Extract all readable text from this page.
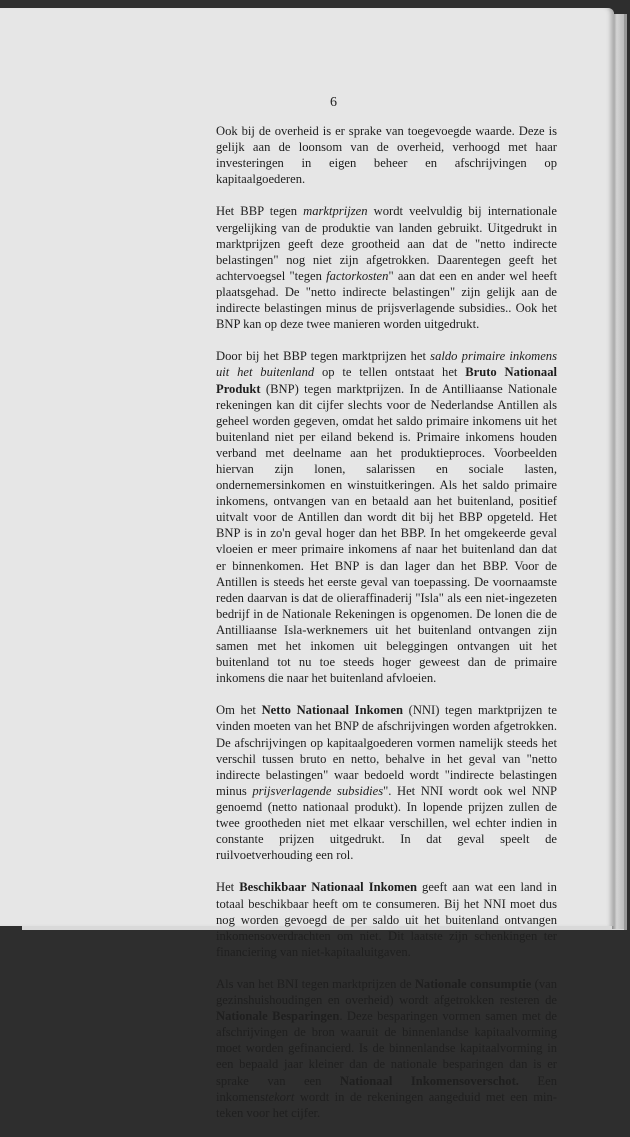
6

Ook bij de overheid is er sprake van toegevoegde waarde. Deze is gelijk aan de loonsom van de overheid, verhoogd met haar investeringen in eigen beheer en afschrijvingen op kapitaalgoederen.

Het BBP tegen marktprijzen wordt veelvuldig bij internationale vergelijking van de produktie van landen gebruikt. Uitgedrukt in marktprijzen geeft deze grootheid aan dat de "netto indirecte belastingen" nog niet zijn afgetrokken. Daarentegen geeft het achtervoegsel "tegen factorkosten" aan dat een en ander wel heeft plaatsgehad. De "netto indirecte belastingen" zijn gelijk aan de indirecte belastingen minus de prijsverlagende subsidies.. Ook het BNP kan op deze twee manieren worden uitgedrukt.

Door bij het BBP tegen marktprijzen het saldo primaire inkomens uit het buitenland op te tellen ontstaat het Bruto Nationaal Produkt (BNP) tegen marktprijzen. In de Antilliaanse Nationale rekeningen kan dit cijfer slechts voor de Nederlandse Antillen als geheel worden gegeven, omdat het saldo primaire inkomens uit het buitenland niet per eiland bekend is. Primaire inkomens houden verband met deelname aan het produktieproces. Voorbeelden hiervan zijn lonen, salarissen en sociale lasten, ondernemersinkomen en winstuitkeringen. Als het saldo primaire inkomens, ontvangen van en betaald aan het buitenland, positief uitvalt voor de Antillen dan wordt dit bij het BBP opgeteld. Het BNP is in zo'n geval hoger dan het BBP. In het omgekeerde geval vloeien er meer primaire inkomens af naar het buitenland dan dat er binnenkomen. Het BNP is dan lager dan het BBP. Voor de Antillen is steeds het eerste geval van toepassing. De voornaamste reden daarvan is dat de olieraffinaderij "Isla" als een niet-ingezeten bedrijf in de Nationale Rekeningen is opgenomen. De lonen die de Antilliaanse Isla-werknemers uit het buitenland ontvangen zijn samen met het inkomen uit beleggingen ontvangen uit het buitenland tot nu toe steeds hoger geweest dan de primaire inkomens die naar het buitenland afvloeien.

Om het Netto Nationaal Inkomen (NNI) tegen marktprijzen te vinden moeten van het BNP de afschrijvingen worden afgetrokken. De afschrijvingen op kapitaalgoederen vormen namelijk steeds het verschil tussen bruto en netto, behalve in het geval van "netto indirecte belastingen" waar bedoeld wordt "indirecte belastingen minus prijsverlagende subsidies". Het NNI wordt ook wel NNP genoemd (netto nationaal produkt). In lopende prijzen zullen de twee grootheden niet met elkaar verschillen, wel echter indien in constante prijzen uitgedrukt. In dat geval speelt de ruilvoetverhouding een rol.

Het Beschikbaar Nationaal Inkomen geeft aan wat een land in totaal beschikbaar heeft om te consumeren. Bij het NNI moet dus nog worden gevoegd de per saldo uit het buitenland ontvangen inkomensoverdrachten om niet. Dit laatste zijn schenkingen ter financiering van niet-kapitaaluitgaven.

Als van het BNI tegen marktprijzen de Nationale consumptie (van gezinshuishoudingen en overheid) wordt afgetrokken resteren de Nationale Besparingen. Deze besparingen vormen samen met de afschrijvingen de bron waaruit de binnenlandse kapitaalvorming moet worden gefinancierd. Is de binnenlandse kapitaalvorming in een bepaald jaar kleiner dan de nationale besparingen dan is er sprake van een Nationaal Inkomensoverschot. Een inkomenstekort wordt in de rekeningen aangeduid met een min-teken voor het cijfer.
